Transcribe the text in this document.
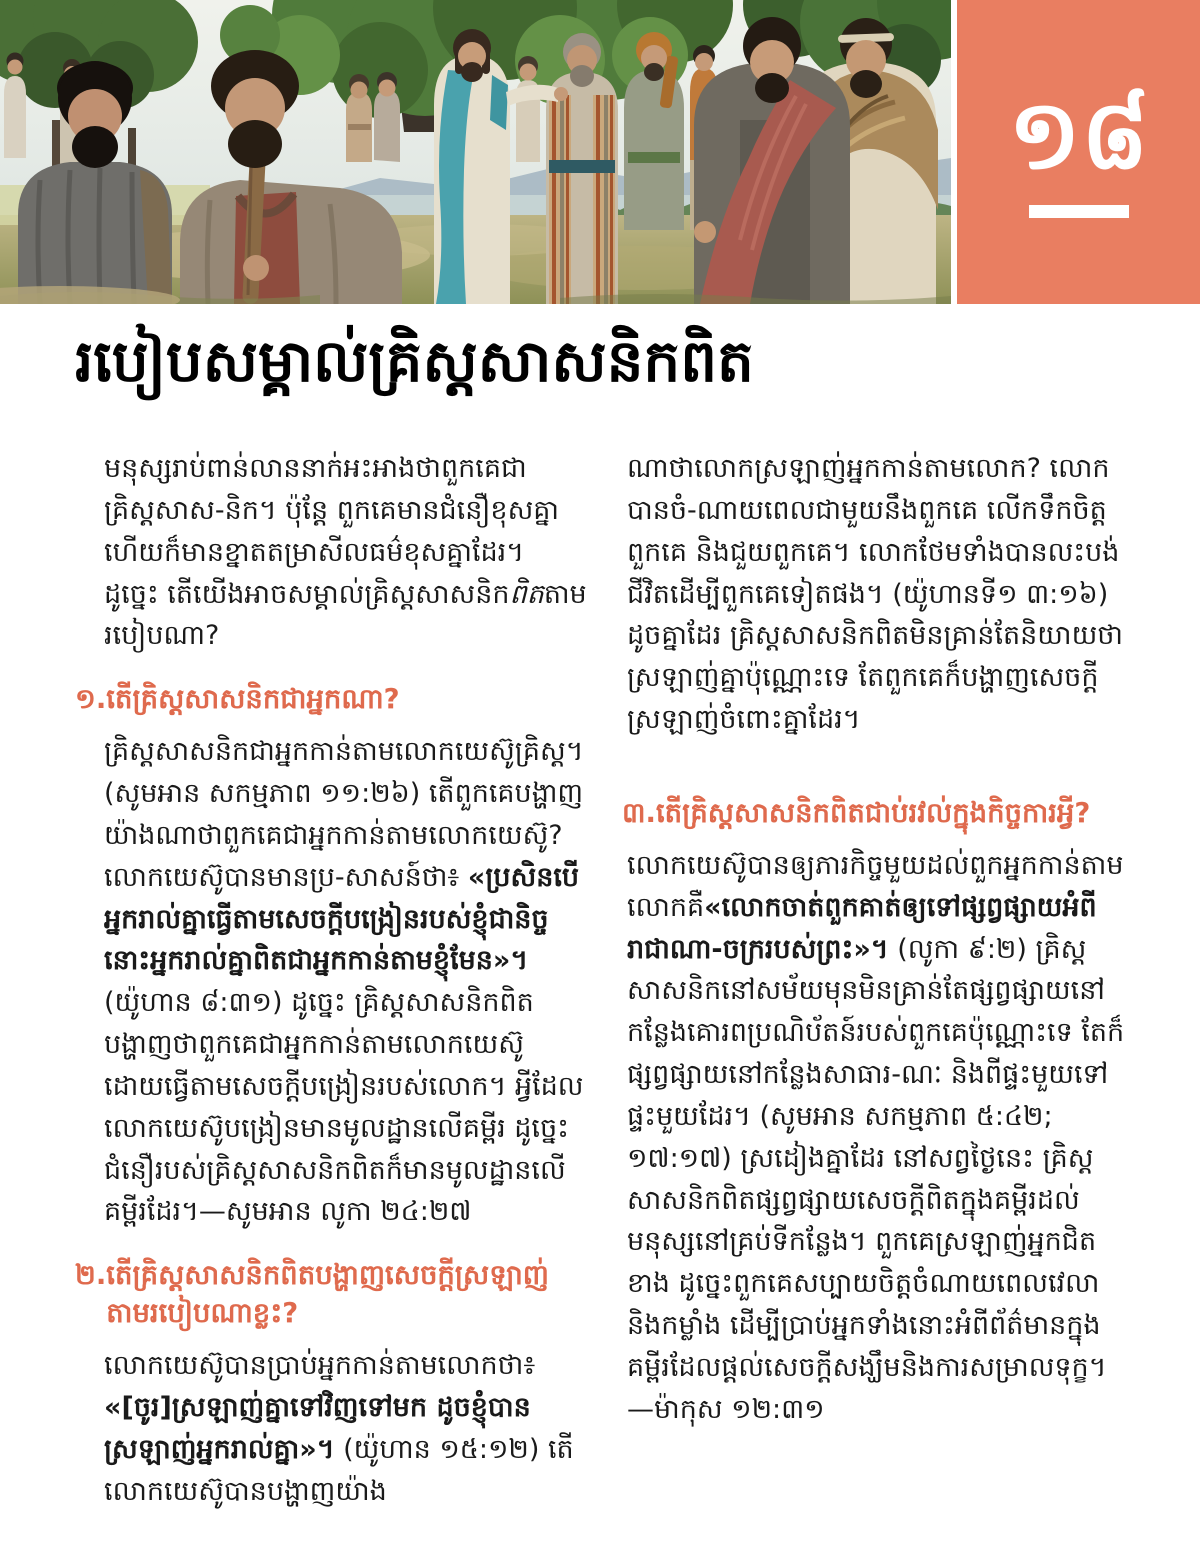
១៨
របៀបសម្គាល់គ្រិស្ដសាសនិកពិត

មនុស្សរាប់ពាន់លាននាក់អះអាងថាពួកគេជាគ្រិស្ដសាស-និក។ ប៉ុន្ដែ ពួកគេមានជំនឿខុសគ្នា ហើយក៏មានខ្នាតតម្រាសីលធម៌ខុសគ្នាដែរ។ ដូច្នេះ តើយើងអាចសម្គាល់គ្រិស្ដសាសនិកពិតតាមរបៀបណា?

១. តើគ្រិស្ដសាសនិកជាអ្នកណា?

គ្រិស្ដសាសនិកជាអ្នកកាន់តាមលោកយេស៊ូគ្រិស្ដ។ (សូមអាន សកម្មភាព ១១:២៦) តើពួកគេបង្ហាញយ៉ាងណាថាពួកគេជាអ្នកកាន់តាមលោកយេស៊ូ? លោកយេស៊ូបានមានប្រ-សាសន៍ថា៖ «ប្រសិនបើអ្នករាល់គ្នាធ្វើតាមសេចក្ដីបង្រៀនរបស់ខ្ញុំជានិច្ច នោះអ្នករាល់គ្នាពិតជាអ្នកកាន់តាមខ្ញុំមែន»។ (យ៉ូហាន ៨:៣១) ដូច្នេះ គ្រិស្ដសាសនិកពិតបង្ហាញថាពួកគេជាអ្នកកាន់តាមលោកយេស៊ូ ដោយធ្វើតាមសេចក្ដីបង្រៀនរបស់លោក។ អ្វីដែលលោកយេស៊ូបង្រៀនមានមូលដ្ឋានលើគម្ពីរ ដូច្នេះជំនឿរបស់គ្រិស្ដសាសនិកពិតក៏មានមូលដ្ឋានលើគម្ពីរដែរ។—សូមអាន លូកា ២៤:២៧

២. តើគ្រិស្ដសាសនិកពិតបង្ហាញសេចក្ដីស្រឡាញ់តាមរបៀបណាខ្លះ?

លោកយេស៊ូបានប្រាប់អ្នកកាន់តាមលោកថា៖ «[ចូរ]ស្រឡាញ់គ្នាទៅវិញទៅមក ដូចខ្ញុំបានស្រឡាញ់អ្នករាល់គ្នា»។ (យ៉ូហាន ១៥:១២) តើលោកយេស៊ូបានបង្ហាញយ៉ាង

ណាថាលោកស្រឡាញ់អ្នកកាន់តាមលោក? លោកបានចំ-ណាយពេលជាមួយនឹងពួកគេ លើកទឹកចិត្ដពួកគេ និងជួយពួកគេ។ លោកថែមទាំងបានលះបង់ជីវិតដើម្បីពួកគេទៀតផង។ (យ៉ូហានទី១ ៣:១៦) ដូចគ្នាដែរ គ្រិស្ដសាសនិកពិតមិនគ្រាន់តែនិយាយថាស្រឡាញ់គ្នាប៉ុណ្ណោះទេ តែពួកគេក៏បង្ហាញសេចក្ដីស្រឡាញ់ចំពោះគ្នាដែរ។

៣. តើគ្រិស្ដសាសនិកពិតជាប់រវល់ក្នុងកិច្ចការអ្វី?

លោកយេស៊ូបានឲ្យភារកិច្ចមួយដល់ពួកអ្នកកាន់តាមលោកគឺ«លោកចាត់ពួកគាត់ឲ្យទៅផ្សព្វផ្សាយអំពីរាជាណា-ចក្ររបស់ព្រះ»។ (លូកា ៩:២) គ្រិស្ដសាសនិកនៅសម័យមុនមិនគ្រាន់តែផ្សព្វផ្សាយនៅកន្លែងគោរពប្រណិប័តន៍របស់ពួកគេប៉ុណ្ណោះទេ តែក៏ផ្សព្វផ្សាយនៅកន្លែងសាធារ-ណៈ និងពីផ្ទះមួយទៅផ្ទះមួយដែរ។ (សូមអាន សកម្មភាព ៥:៤២; ១៧:១៧) ស្រដៀងគ្នាដែរ នៅសព្វថ្ងៃនេះ គ្រិស្ដសាសនិកពិតផ្សព្វផ្សាយសេចក្ដីពិតក្នុងគម្ពីរដល់មនុស្សនៅគ្រប់ទីកន្លែង។ ពួកគេស្រឡាញ់អ្នកជិតខាង ដូច្នេះពួកគេសប្បាយចិត្ដចំណាយពេលវេលានិងកម្លាំង ដើម្បីប្រាប់អ្នកទាំងនោះអំពីព័ត៌មានក្នុងគម្ពីរដែលផ្ដល់សេចក្ដីសង្ឃឹមនិងការសម្រាលទុក្ខ។—ម៉ាកុស ១២:៣១
